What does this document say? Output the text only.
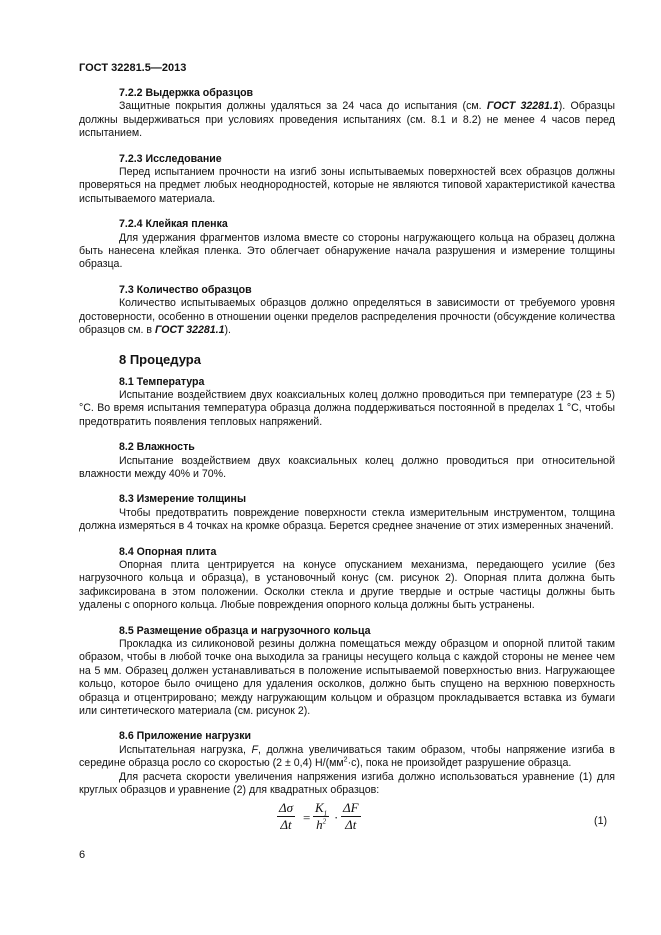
ГОСТ 32281.5—2013

7.2.2 Выдержка образцов

Защитные покрытия должны удаляться за 24 часа до испытания (см. ГОСТ 32281.1). Образцы должны выдерживаться при условиях проведения испытаниях (см. 8.1 и 8.2) не менее 4 часов перед испытанием.

7.2.3 Исследование

Перед испытанием прочности на изгиб зоны испытываемых поверхностей всех образцов должны проверяться на предмет любых неоднородностей, которые не являются типовой характеристикой качества испытываемого материала.

7.2.4 Клейкая пленка

Для удержания фрагментов излома вместе со стороны нагружающего кольца на образец должна быть нанесена клейкая пленка. Это облегчает обнаружение начала разрушения и измерение толщины образца.

7.3 Количество образцов

Количество испытываемых образцов должно определяться в зависимости от требуемого уровня достоверности, особенно в отношении оценки пределов распределения прочности (обсуждение количества образцов см. в ГОСТ 32281.1).

8 Процедура

8.1 Температура

Испытание воздействием двух коаксиальных колец должно проводиться при температуре (23 ± 5) °С. Во время испытания температура образца должна поддерживаться постоянной в пределах 1 °С, чтобы предотвратить появления тепловых напряжений.

8.2 Влажность

Испытание воздействием двух коаксиальных колец должно проводиться при относительной влажности между 40% и 70%.

8.3 Измерение толщины

Чтобы предотвратить повреждение поверхности стекла измерительным инструментом, толщина должна измеряться в 4 точках на кромке образца. Берется среднее значение от этих измеренных значений.

8.4 Опорная плита

Опорная плита центрируется на конусе опусканием механизма, передающего усилие (без нагрузочного кольца и образца), в установочный конус (см. рисунок 2). Опорная плита должна быть зафиксирована в этом положении. Осколки стекла и другие твердые и острые частицы должны быть удалены с опорного кольца. Любые повреждения опорного кольца должны быть устранены.

8.5 Размещение образца и нагрузочного кольца

Прокладка из силиконовой резины должна помещаться между образцом и опорной плитой таким образом, чтобы в любой точке она выходила за границы несущего кольца с каждой стороны не менее чем на 5 мм. Образец должен устанавливаться в положение испытываемой поверхностью вниз. Нагружающее кольцо, которое было очищено для удаления осколков, должно быть спущено на верхнюю поверхность образца и отцентрировано; между нагружающим кольцом и образцом прокладывается вставка из бумаги или синтетического материала (см. рисунок 2).

8.6 Приложение нагрузки

Испытательная нагрузка, F, должна увеличиваться таким образом, чтобы напряжение изгиба в середине образца росло со скоростью (2 ± 0,4) $Н/(мм^2\cdot с)$, пока не произойдет разрушение образца.

Для расчета скорости увеличения напряжения изгиба должно использоваться уравнение (1) для круглых образцов и уравнение (2) для квадратных образцов:

$\frac{\Delta\sigma}{\Delta t} = \frac{K_1}{h^2} \cdot \frac{\Delta F}{\Delta t}$	(1)
6
